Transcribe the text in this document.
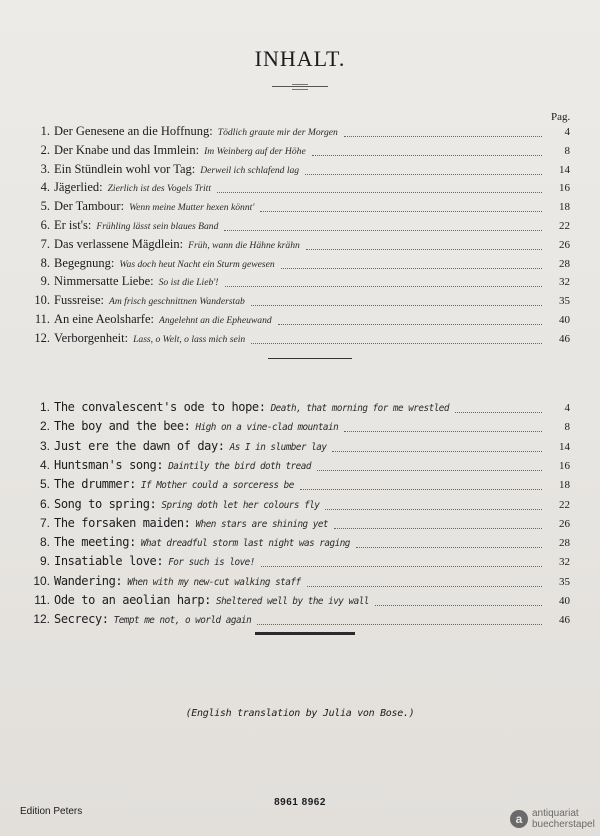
INHALT.
Pag.
1. Der Genesene an die Hoffnung: Tödlich graute mir der Morgen	4
2. Der Knabe und das Immlein: Im Weinberg auf der Höhe	8
3. Ein Stündlein wohl vor Tag: Derweil ich schlafend lag	14
4. Jägerlied: Zierlich ist des Vogels Tritt	16
5. Der Tambour: Wenn meine Mutter hexen könnt'	18
6. Er ist's: Frühling lässt sein blaues Band	22
7. Das verlassene Mägdlein: Früh, wann die Hähne krähn	26
8. Begegnung: Was doch heut Nacht ein Sturm gewesen	28
9. Nimmersatte Liebe: So ist die Lieb'!	32
10. Fussreise: Am frisch geschnittnen Wanderstab	35
11. An eine Aeolsharfe: Angelehnt an die Epheuwand	40
12. Verborgenheit: Lass, o Welt, o lass mich sein	46
1. The convalescent's ode to hope: Death, that morning for me wrestled	4
2. The boy and the bee: High on a vine-clad mountain	8
3. Just ere the dawn of day: As I in slumber lay	14
4. Huntsman's song: Daintily the bird doth tread	16
5. The drummer: If Mother could a sorceress be	18
6. Song to spring: Spring doth let her colours fly	22
7. The forsaken maiden: When stars are shining yet	26
8. The meeting: What dreadful storm last night was raging	28
9. Insatiable love: For such is love!	32
10. Wandering: When with my new-cut walking staff	35
11. Ode to an aeolian harp: Sheltered well by the ivy wall	40
12. Secrecy: Tempt me not, o world again	46
(English translation by Julia von Bose.)
Edition Peters
8961 8962
a antiquariat
buecherstapel
